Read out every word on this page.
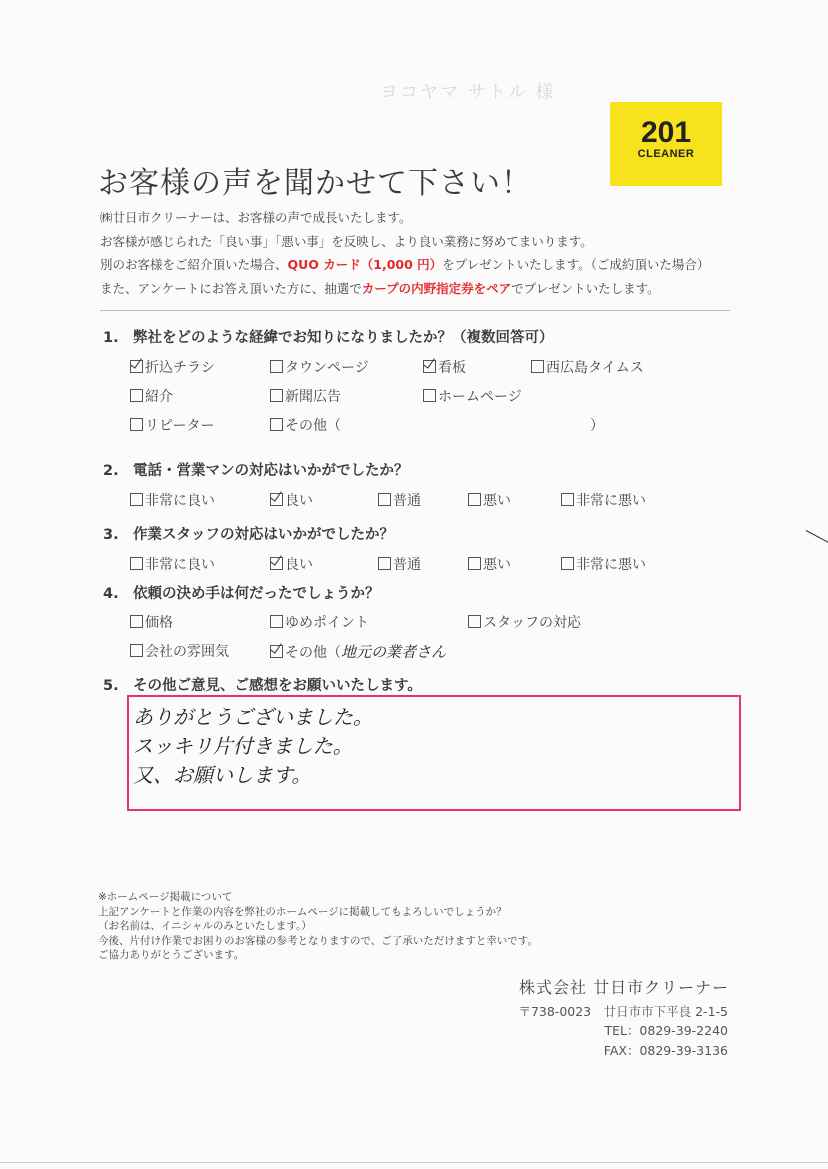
ヨコヤマ サトル 様
201
CLEANER
お客様の声を聞かせて下さい！
㈱廿日市クリーナーは、お客様の声で成長いたします。
お客様が感じられた「良い事」「悪い事」を反映し、より良い業務に努めてまいります。
別のお客様をご紹介頂いた場合、QUO カード（1,000 円）をプレゼントいたします。（ご成約頂いた場合）
また、アンケートにお答え頂いた方に、抽選でカープの内野指定券をペアでプレゼントいたします。
1. 弊社をどのような経緯でお知りになりましたか？（複数回答可）
折込チラシ	タウンページ	看板	西広島タイムス
紹介	新聞広告	ホームページ
リピーター	その他（	）
2. 電話・営業マンの対応はいかがでしたか？
非常に良い	良い	普通	悪い	非常に悪い
3. 作業スタッフの対応はいかがでしたか？
非常に良い	良い	普通	悪い	非常に悪い
4. 依頼の決め手は何だったでしょうか？
価格	ゆめポイント	スタッフの対応
会社の雰囲気	その他（地元の業者さん
5. その他ご意見、ご感想をお願いいたします。
ありがとうございました。
スッキリ片付きました。
又、お願いします。
※ホームページ掲載について
上記アンケートと作業の内容を弊社のホームページに掲載してもよろしいでしょうか？
（お名前は、イニシャルのみといたします。）
今後、片付け作業でお困りのお客様の参考となりますので、ご了承いただけますと幸いです。
ご協力ありがとうございます。
株式会社 廿日市クリーナー
〒738-0023　廿日市市下平良 2-1-5
TEL：0829-39-2240
FAX：0829-39-3136
